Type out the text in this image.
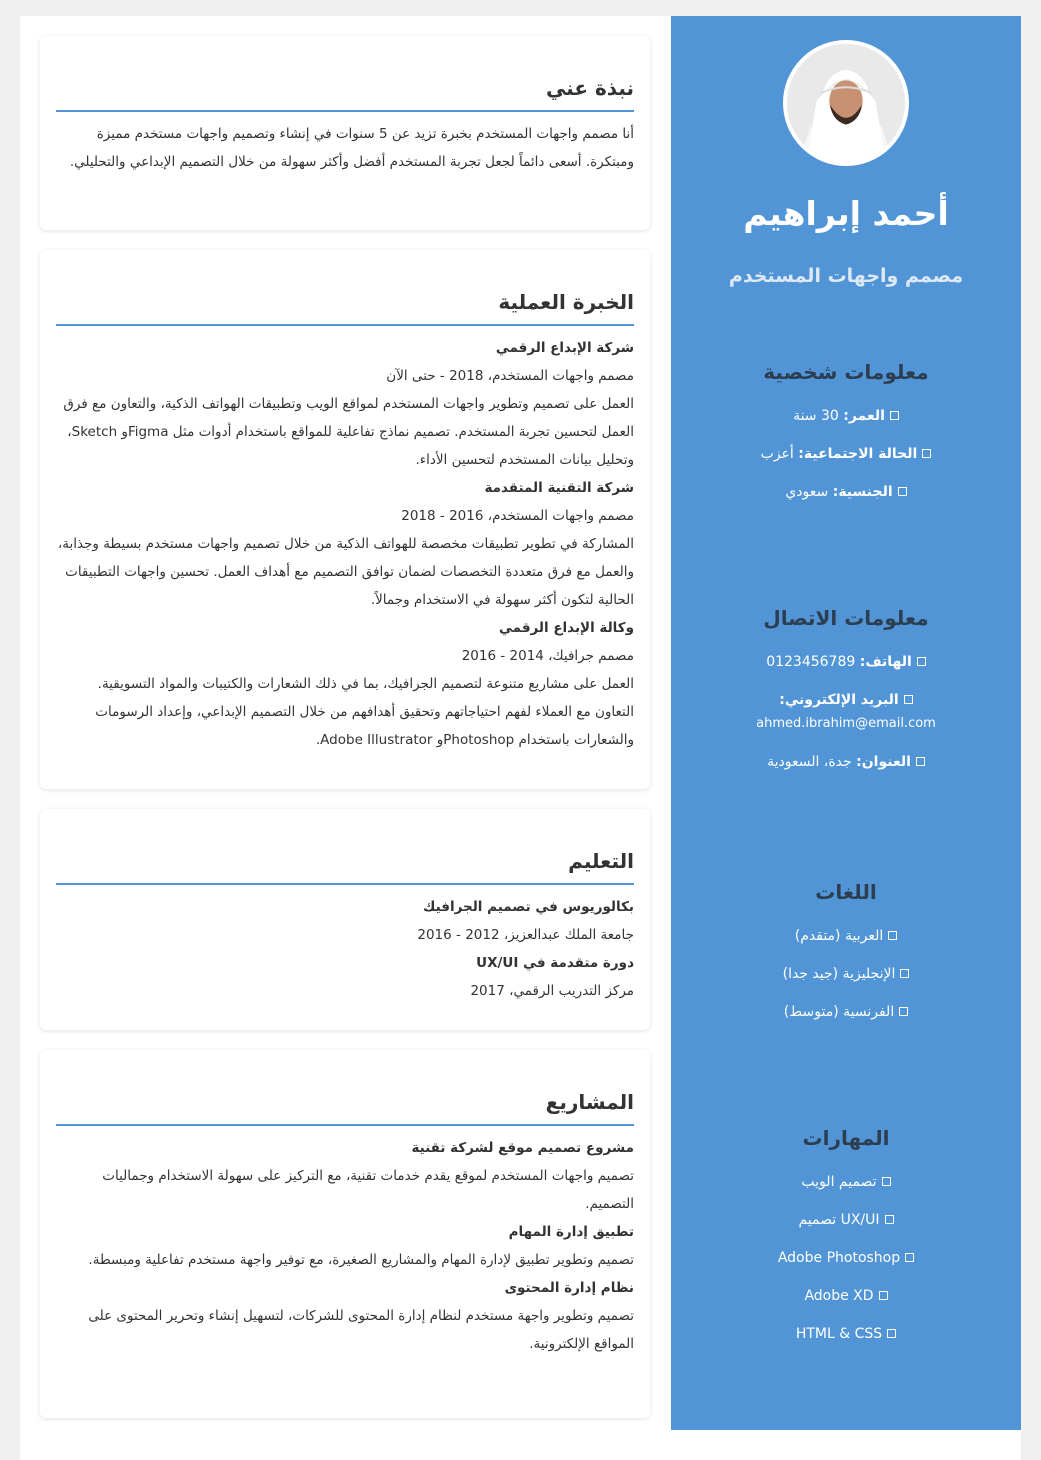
أحمد إبراهيم
مصمم واجهات المستخدم
معلومات شخصية
العمر: 30 سنة
الحالة الاجتماعية: أعزب
الجنسية: سعودي
معلومات الاتصال
الهاتف: 0123456789
البريد الإلكتروني:
ahmed.ibrahim@email.com
العنوان: جدة، السعودية
اللغات
العربية (متقدم)
الإنجليزية (جيد جدا)
الفرنسية (متوسط)
المهارات
تصميم الويب
UX/UI تصميم
Adobe Photoshop
Adobe XD
HTML & CSS
نبذة عني

أنا مصمم واجهات المستخدم بخبرة تزيد عن 5 سنوات في إنشاء وتصميم واجهات مستخدم مميزة ومبتكرة. أسعى دائماً لجعل تجربة المستخدم أفضل وأكثر سهولة من خلال التصميم الإبداعي والتحليلي.

الخبرة العملية
شركة الإبداع الرقمي
مصمم واجهات المستخدم، 2018 - حتى الآن

العمل على تصميم وتطوير واجهات المستخدم لمواقع الويب وتطبيقات الهواتف الذكية، والتعاون مع فرق العمل لتحسين تجربة المستخدم. تصميم نماذج تفاعلية للمواقع باستخدام أدوات مثل Figmaو Sketch، وتحليل بيانات المستخدم لتحسين الأداء.

شركة التقنية المتقدمة
مصمم واجهات المستخدم، 2016 - 2018

المشاركة في تطوير تطبيقات مخصصة للهواتف الذكية من خلال تصميم واجهات مستخدم بسيطة وجذابة، والعمل مع فرق متعددة التخصصات لضمان توافق التصميم مع أهداف العمل. تحسين واجهات التطبيقات الحالية لتكون أكثر سهولة في الاستخدام وجمالاً.

وكالة الإبداع الرقمي
مصمم جرافيك، 2014 - 2016

العمل على مشاريع متنوعة لتصميم الجرافيك، بما في ذلك الشعارات والكتيبات والمواد التسويقية. التعاون مع العملاء لفهم احتياجاتهم وتحقيق أهدافهم من خلال التصميم الإبداعي، وإعداد الرسومات والشعارات باستخدام Photoshopو Adobe Illustrator.

التعليم
بكالوريوس في تصميم الجرافيك
جامعة الملك عبدالعزيز، 2012 - 2016
دورة متقدمة في UX/UI
مركز التدريب الرقمي، 2017
المشاريع
مشروع تصميم موقع لشركة تقنية

تصميم واجهات المستخدم لموقع يقدم خدمات تقنية، مع التركيز على سهولة الاستخدام وجماليات التصميم.

تطبيق إدارة المهام

تصميم وتطوير تطبيق لإدارة المهام والمشاريع الصغيرة، مع توفير واجهة مستخدم تفاعلية ومبسطة.

نظام إدارة المحتوى

تصميم وتطوير واجهة مستخدم لنظام إدارة المحتوى للشركات، لتسهيل إنشاء وتحرير المحتوى على المواقع الإلكترونية.
